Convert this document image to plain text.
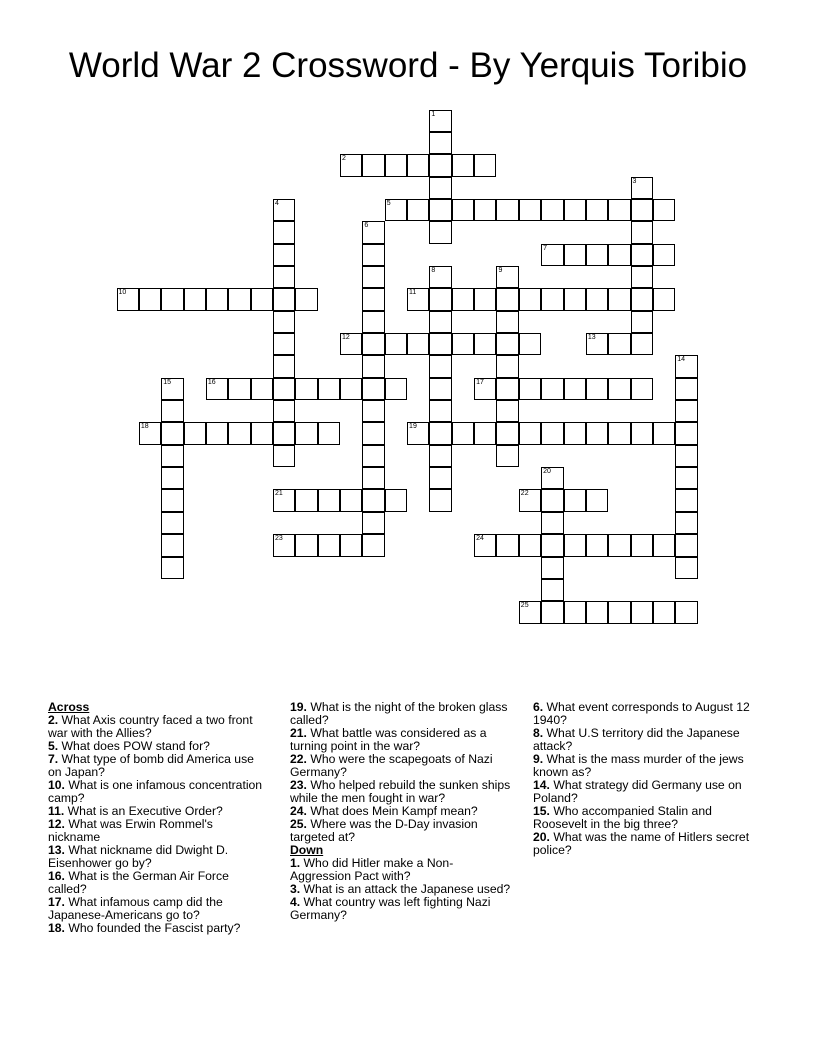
World War 2 Crossword - By Yerquis Toribio
2
5
7
10	11
12	13
16	17
18	19
21	22
23	24
25
1
3
4
6
8	9
14
15
20
Across
2. What Axis country faced a two front war with the Allies?
5. What does POW stand for?
7. What type of bomb did America use on Japan?
10. What is one infamous concentration camp?
11. What is an Executive Order?
12. What was Erwin Rommel's nickname
13. What nickname did Dwight D. Eisenhower go by?
16. What is the German Air Force called?
17. What infamous camp did the Japanese-Americans go to?
18. Who founded the Fascist party?
19. What is the night of the broken glass called?
21. What battle was considered as a turning point in the war?
22. Who were the scapegoats of Nazi Germany?
23. Who helped rebuild the sunken ships while the men fought in war?
24. What does Mein Kampf mean?
25. Where was the D-Day invasion targeted at?
Down
1. Who did Hitler make a Non-Aggression Pact with?
3. What is an attack the Japanese used?
4. What country was left fighting Nazi Germany?
6. What event corresponds to August 12 1940?
8. What U.S territory did the Japanese attack?
9. What is the mass murder of the jews known as?
14. What strategy did Germany use on Poland?
15. Who accompanied Stalin and Roosevelt in the big three?
20. What was the name of Hitlers secret police?
